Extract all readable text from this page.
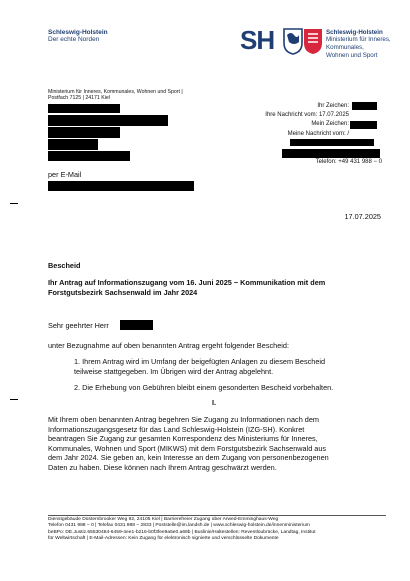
Schleswig-Holstein
Der echte Norden	SH	Schleswig-Holstein
Ministerium für Inneres,
Kommunales,
Wohnen und Sport
Ministerium für Inneres, Kommunales, Wohnen und Sport |
Postfach 7125 | 24171 Kiel
Ihr Zeichen:
Ihre Nachricht vom: 17.07.2025
Mein Zeichen:
Meine Nachricht vom: /
Telefon: +49 431 988 − 0
per E-Mail
17.07.2025
Bescheid
Ihr Antrag auf Informationszugang vom 16. Juni 2025 − Kommunikation mit dem
Forstgutsbezirk Sachsenwald im Jahr 2024
Sehr geehrter Herr
unter Bezugnahme auf oben benannten Antrag ergeht folgender Bescheid:
1. Ihrem Antrag wird im Umfang der beigefügten Anlagen zu diesem Bescheid
teilweise stattgegeben. Im Übrigen wird der Antrag abgelehnt.
2. Die Erhebung von Gebühren bleibt einem gesonderten Bescheid vorbehalten.
I.
Mit Ihrem oben benannten Antrag begehren Sie Zugang zu Informationen nach dem
Informationszugangsgesetz für das Land Schleswig-Holstein (IZG-SH). Konkret
beantragen Sie Zugang zur gesamten Korrespondenz des Ministeriums für Inneres,
Kommunales, Wohnen und Sport (MIKWS) mit dem Forstgutsbezirk Sachsenwald aus
dem Jahr 2024. Sie geben an, kein Interesse an dem Zugang von personenbezogenen
Daten zu haben. Diese können nach Ihrem Antrag geschwärzt werden.
Dienstgebäude Düsternbrooker Weg 92, 24105 Kiel | Barrierefreier Zugang über Arwed-Emminghaus-Weg
Telefon 0431 988 − 0 | Telefax 0431 988 − 2833 | Poststelle@im.landsh.de | www.schleswig-holstein.de/innenministerium
beBPo: DE.Justiz.65530484-6459-4ee1-b216-b0f3fee9a5e0.a69b | Buslinie/Haltestellen: Reventloubrücke, Landtag, Institut
für Weltwirtschaft | E-Mail-Adressen: Kein Zugang für elektronisch signierte und verschlüsselte Dokumente
